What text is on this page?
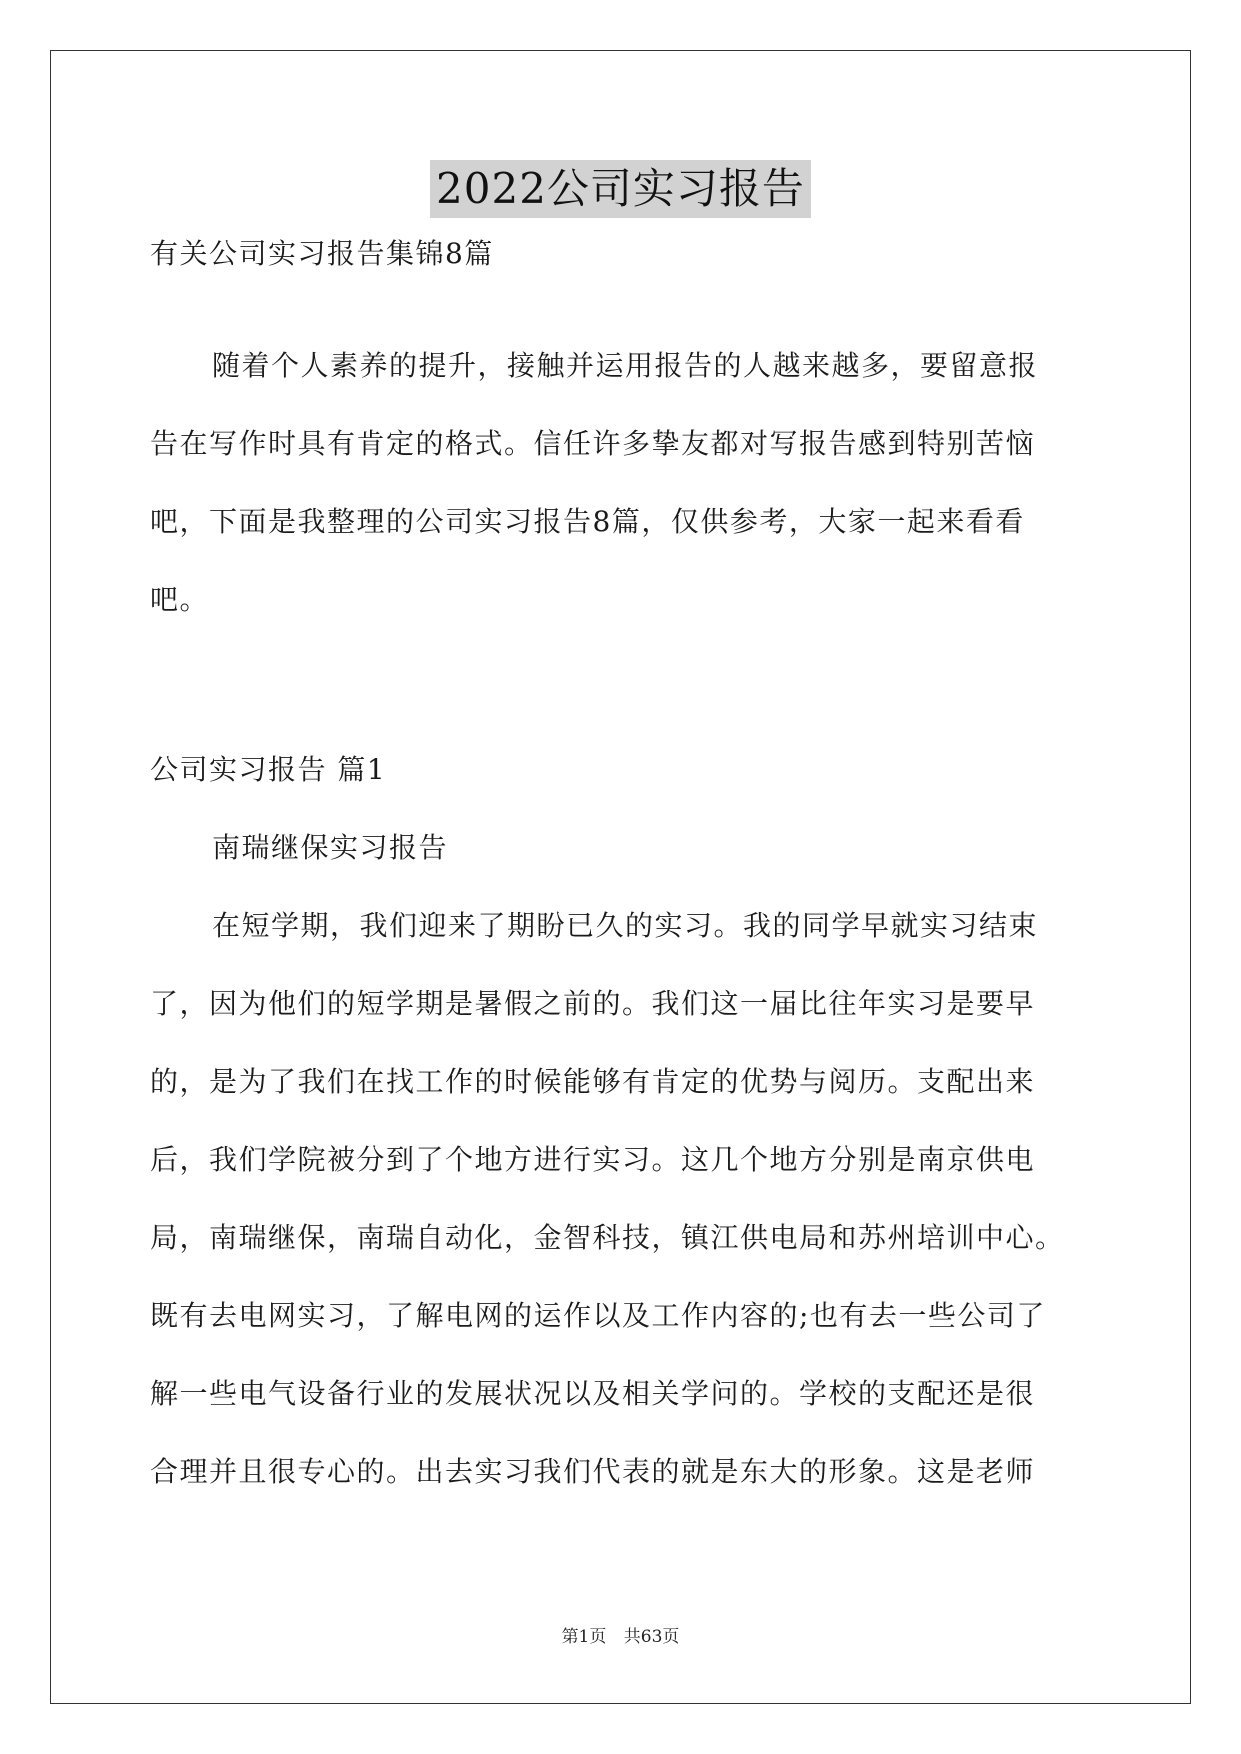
2022公司实习报告
有关公司实习报告集锦8篇
随着个人素养的提升，接触并运用报告的人越来越多，要留意报
告在写作时具有肯定的格式。信任许多挚友都对写报告感到特别苦恼
吧，下面是我整理的公司实习报告8篇，仅供参考，大家一起来看看
吧。
公司实习报告 篇1
南瑞继保实习报告
在短学期，我们迎来了期盼已久的实习。我的同学早就实习结束
了，因为他们的短学期是暑假之前的。我们这一届比往年实习是要早
的，是为了我们在找工作的时候能够有肯定的优势与阅历。支配出来
后，我们学院被分到了个地方进行实习。这几个地方分别是南京供电
局，南瑞继保，南瑞自动化，金智科技，镇江供电局和苏州培训中心。
既有去电网实习，了解电网的运作以及工作内容的;也有去一些公司了
解一些电气设备行业的发展状况以及相关学问的。学校的支配还是很
合理并且很专心的。出去实习我们代表的就是东大的形象。这是老师
第1页 共63页
